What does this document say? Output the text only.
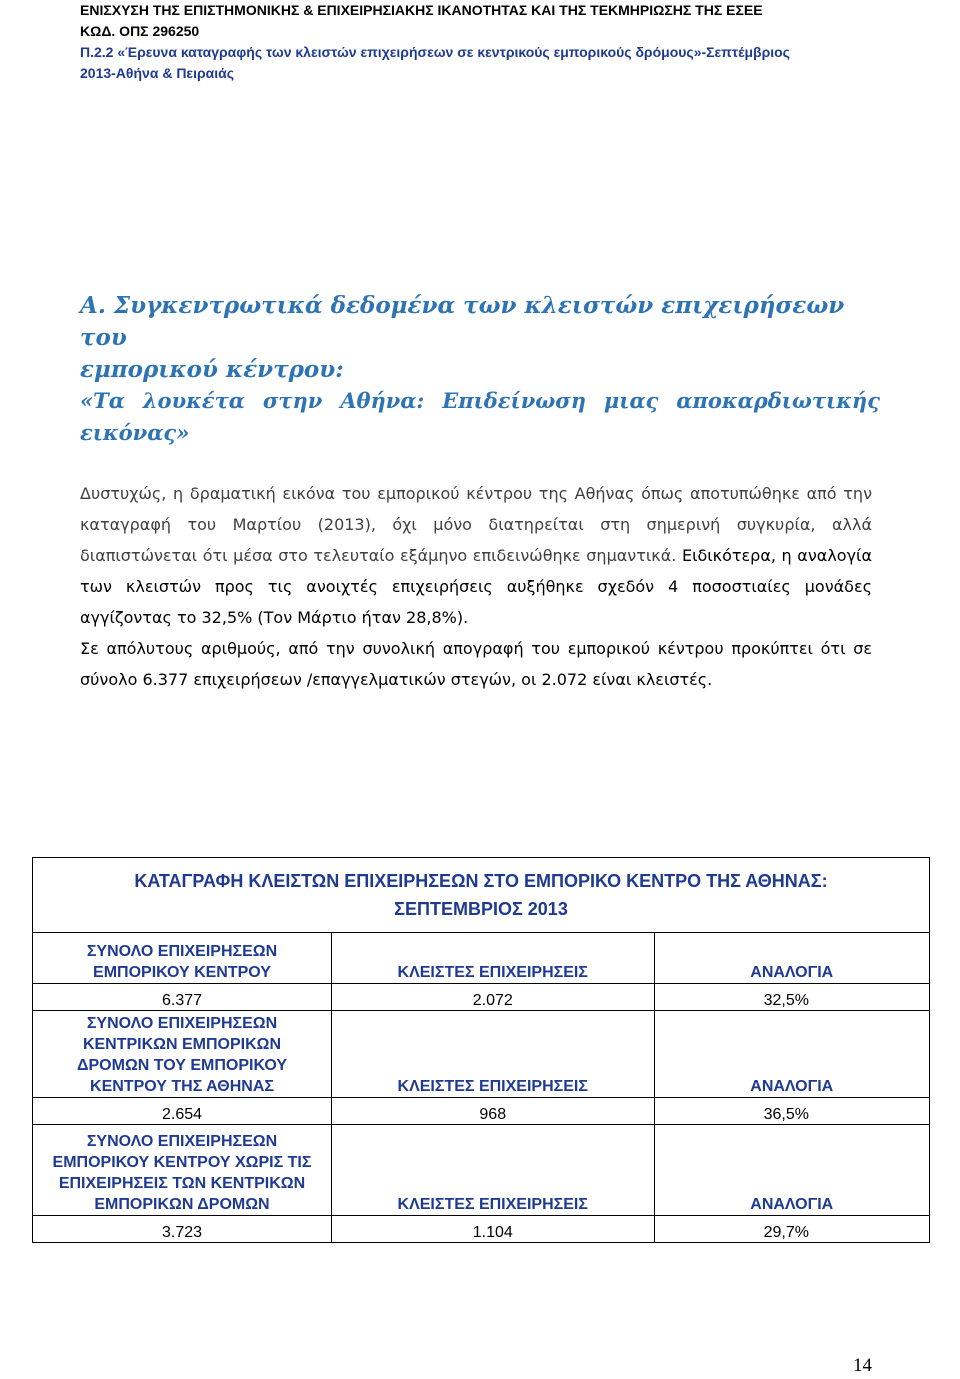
ΕΝΙΣΧΥΣΗ ΤΗΣ ΕΠΙΣΤΗΜΟΝΙΚΗΣ & ΕΠΙΧΕΙΡΗΣΙΑΚΗΣ ΙΚΑΝΟΤΗΤΑΣ ΚΑΙ ΤΗΣ ΤΕΚΜΗΡΙΩΣΗΣ ΤΗΣ ΕΣΕΕ
ΚΩΔ. ΟΠΣ 296250
Π.2.2 «Έρευνα καταγραφής των κλειστών επιχειρήσεων σε κεντρικούς εμπορικούς δρόμους»-Σεπτέμβριος
2013-Αθήνα & Πειραιάς
Α. Συγκεντρωτικά δεδομένα των κλειστών επιχειρήσεων του
εμπορικού κέντρου:
«Τα λουκέτα στην Αθήνα: Επιδείνωση μιας αποκαρδιωτικής εικόνας»

Δυστυχώς, η δραματική εικόνα του εμπορικού κέντρου της Αθήνας όπως αποτυπώθηκε από την καταγραφή του Μαρτίου (2013), όχι μόνο διατηρείται στη σημερινή συγκυρία, αλλά διαπιστώνεται ότι μέσα στο τελευταίο εξάμηνο επιδεινώθηκε σημαντικά. Ειδικότερα, η αναλογία των κλειστών προς τις ανοιχτές επιχειρήσεις αυξήθηκε σχεδόν 4 ποσοστιαίες μονάδες αγγίζοντας το 32,5% (Τον Μάρτιο ήταν 28,8%).

Σε απόλυτους αριθμούς, από την συνολική απογραφή του εμπορικού κέντρου προκύπτει ότι σε σύνολο 6.377 επιχειρήσεων /επαγγελματικών στεγών, οι 2.072 είναι κλειστές.

ΚΑΤΑΓΡΑΦΗ ΚΛΕΙΣΤΩΝ ΕΠΙΧΕΙΡΗΣΕΩΝ ΣΤΟ ΕΜΠΟΡΙΚΟ ΚΕΝΤΡΟ ΤΗΣ ΑΘΗΝΑΣ:
ΣΕΠΤΕΜΒΡΙΟΣ 2013		

ΣΥΝΟΛΟ ΕΠΙΧΕΙΡΗΣΕΩΝ
ΕΜΠΟΡΙΚΟΥ ΚΕΝΤΡΟΥ	ΚΛΕΙΣΤΕΣ ΕΠΙΧΕΙΡΗΣΕΙΣ	ΑΝΑΛΟΓΙΑ
6.377	2.072	32,5%

ΣΥΝΟΛΟ ΕΠΙΧΕΙΡΗΣΕΩΝ
ΚΕΝΤΡΙΚΩΝ ΕΜΠΟΡΙΚΩΝ
ΔΡΟΜΩΝ ΤΟΥ ΕΜΠΟΡΙΚΟΥ
ΚΕΝΤΡΟΥ ΤΗΣ ΑΘΗΝΑΣ	ΚΛΕΙΣΤΕΣ ΕΠΙΧΕΙΡΗΣΕΙΣ	ΑΝΑΛΟΓΙΑ
2.654	968	36,5%

ΣΥΝΟΛΟ ΕΠΙΧΕΙΡΗΣΕΩΝ
ΕΜΠΟΡΙΚΟΥ ΚΕΝΤΡΟΥ ΧΩΡΙΣ ΤΙΣ
ΕΠΙΧΕΙΡΗΣΕΙΣ ΤΩΝ ΚΕΝΤΡΙΚΩΝ
ΕΜΠΟΡΙΚΩΝ ΔΡΟΜΩΝ	ΚΛΕΙΣΤΕΣ ΕΠΙΧΕΙΡΗΣΕΙΣ	ΑΝΑΛΟΓΙΑ
3.723	1.104	29,7%
14
